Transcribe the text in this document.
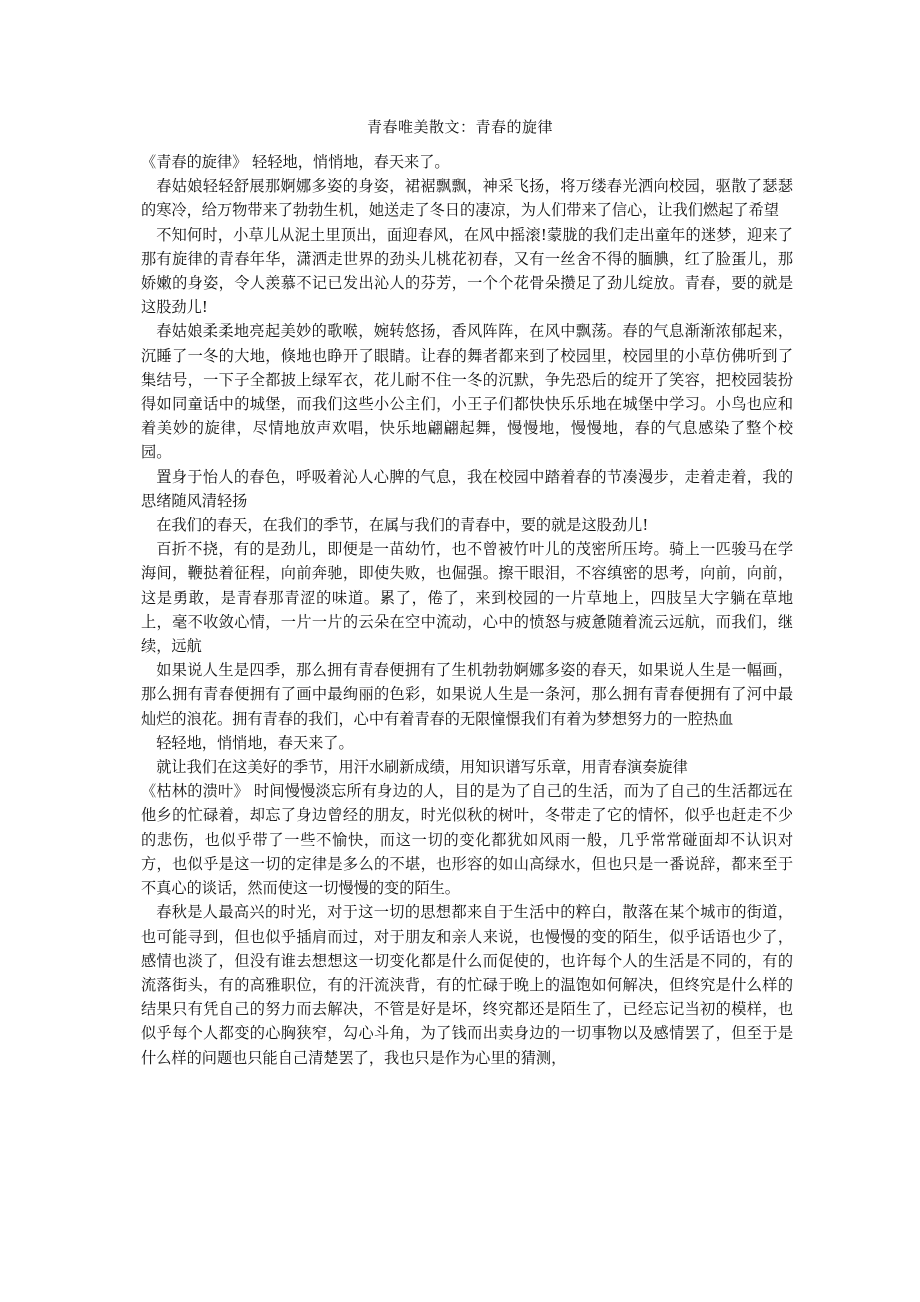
青春唯美散文：青春的旋律

《青春的旋律》 轻轻地，悄悄地，春天来了。

春姑娘轻轻舒展那婀娜多姿的身姿，裙裾飘飘，神采飞扬，将万缕春光洒向校园，驱散了瑟瑟的寒冷，给万物带来了勃勃生机，她送走了冬日的凄凉，为人们带来了信心，让我们燃起了希望

不知何时，小草儿从泥土里顶出，面迎春风，在风中摇滚!蒙胧的我们走出童年的迷梦，迎来了那有旋律的青春年华，潇洒走世界的劲头儿桃花初春，又有一丝舍不得的腼腆，红了脸蛋儿，那娇嫩的身姿，令人羡慕不记已发出沁人的芬芳，一个个花骨朵攒足了劲儿绽放。青春，要的就是这股劲儿!

春姑娘柔柔地亮起美妙的歌喉，婉转悠扬，香风阵阵，在风中飘荡。春的气息渐渐浓郁起来，沉睡了一冬的大地，倏地也睁开了眼睛。让春的舞者都来到了校园里，校园里的小草仿佛听到了集结号，一下子全都披上绿军衣，花儿耐不住一冬的沉默，争先恐后的绽开了笑容，把校园装扮得如同童话中的城堡，而我们这些小公主们，小王子们都快快乐乐地在城堡中学习。小鸟也应和着美妙的旋律，尽情地放声欢唱，快乐地翩翩起舞，慢慢地，慢慢地，春的气息感染了整个校园。

置身于怡人的春色，呼吸着沁人心脾的气息，我在校园中踏着春的节凑漫步，走着走着，我的思绪随风清轻扬

在我们的春天，在我们的季节，在属与我们的青春中，要的就是这股劲儿!

百折不挠，有的是劲儿，即便是一苗幼竹，也不曾被竹叶儿的茂密所压垮。骑上一匹骏马在学海间，鞭挞着征程，向前奔驰，即使失败，也倔强。擦干眼泪，不容缜密的思考，向前，向前，这是勇敢，是青春那青涩的味道。累了，倦了，来到校园的一片草地上，四肢呈大字躺在草地上，毫不收敛心情，一片一片的云朵在空中流动，心中的愤怒与疲惫随着流云远航，而我们，继续，远航

如果说人生是四季，那么拥有青春便拥有了生机勃勃婀娜多姿的春天，如果说人生是一幅画，那么拥有青春便拥有了画中最绚丽的色彩，如果说人生是一条河，那么拥有青春便拥有了河中最灿烂的浪花。拥有青春的我们，心中有着青春的无限憧憬我们有着为梦想努力的一腔热血

轻轻地，悄悄地，春天来了。

就让我们在这美好的季节，用汗水刷新成绩，用知识谱写乐章，用青春演奏旋律

《枯林的溃叶》 时间慢慢淡忘所有身边的人，目的是为了自己的生活，而为了自己的生活都远在他乡的忙碌着，却忘了身边曾经的朋友，时光似秋的树叶，冬带走了它的情怀，似乎也赶走不少的悲伤，也似乎带了一些不愉快，而这一切的变化都犹如风雨一般，几乎常常碰面却不认识对方，也似乎是这一切的定律是多么的不堪，也形容的如山高绿水，但也只是一番说辞，都来至于不真心的谈话，然而使这一切慢慢的变的陌生。

春秋是人最高兴的时光，对于这一切的思想都来自于生活中的粹白，散落在某个城市的街道，也可能寻到，但也似乎插肩而过，对于朋友和亲人来说，也慢慢的变的陌生，似乎话语也少了，感情也淡了，但没有谁去想想这一切变化都是什么而促使的，也许每个人的生活是不同的，有的流落街头，有的高雅职位，有的汗流浃背，有的忙碌于晚上的温饱如何解决，但终究是什么样的结果只有凭自己的努力而去解决，不管是好是坏，终究都还是陌生了，已经忘记当初的模样，也似乎每个人都变的心胸狭窄，勾心斗角，为了钱而出卖身边的一切事物以及感情罢了，但至于是什么样的问题也只能自己清楚罢了，我也只是作为心里的猜测，
